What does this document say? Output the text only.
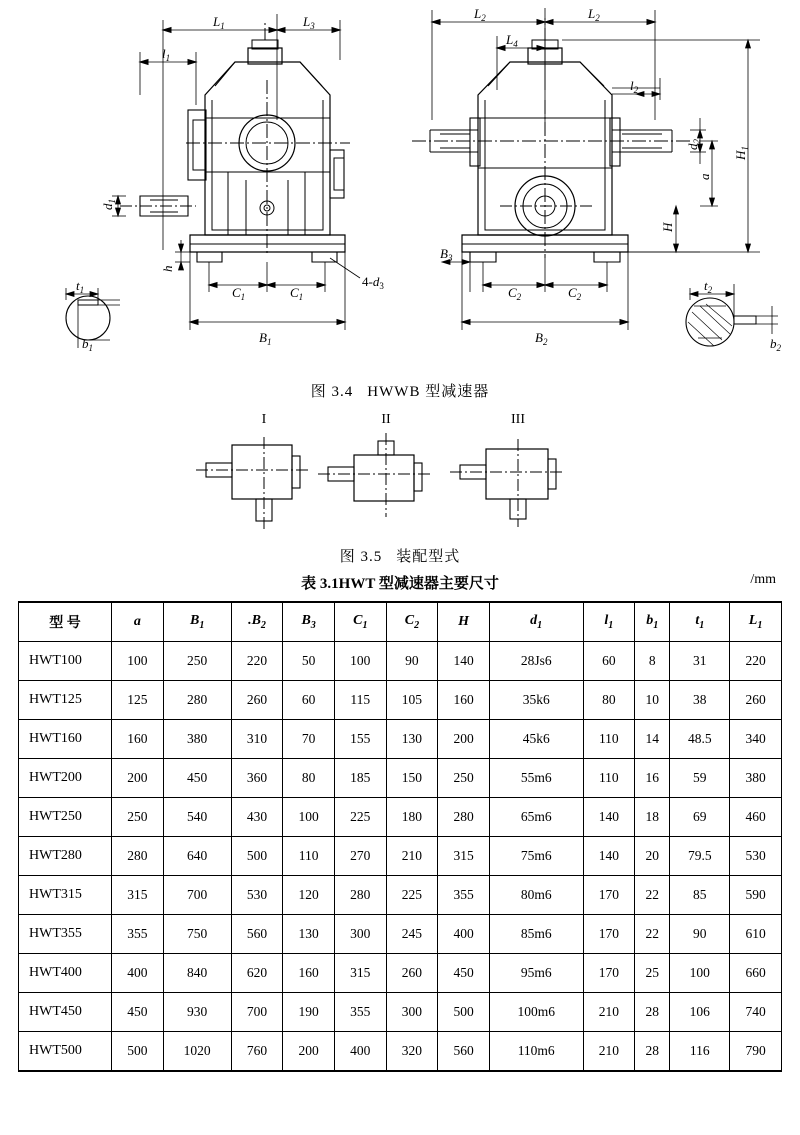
$L_1$	$L_3$
$l_1$
$d_1$
h
$C_1$	$C_1$
$B_1$
$t_1$
$b_1$
$L_2$	$L_2$
$L_4$
$l_2$
$d_2$
a
H
$H_1$
$B_3$
$C_2$	$C_2$
$B_2$
$t_2$
$b_2$
$4-d_3$
图 3.4 HWWB 型减速器
I	II	III
图 3.5 装配型式
表 3.1HWT 型减速器主要尺寸	/mm
型 号	a	$B_1$	$.B_2$	$B_3$	$C_1$	$C_2$	H	$d_1$	$l_1$	$b_1$	$t_1$	$L_1$
HWT100	100	250	220	50	100	90	140	28Js6	60	8	31	220
HWT125	125	280	260	60	115	105	160	35k6	80	10	38	260
HWT160	160	380	310	70	155	130	200	45k6	110	14	48.5	340
HWT200	200	450	360	80	185	150	250	55m6	110	16	59	380
HWT250	250	540	430	100	225	180	280	65m6	140	18	69	460
HWT280	280	640	500	110	270	210	315	75m6	140	20	79.5	530
HWT315	315	700	530	120	280	225	355	80m6	170	22	85	590
HWT355	355	750	560	130	300	245	400	85m6	170	22	90	610
HWT400	400	840	620	160	315	260	450	95m6	170	25	100	660
HWT450	450	930	700	190	355	300	500	100m6	210	28	106	740
HWT500	500	1020	760	200	400	320	560	110m6	210	28	116	790
